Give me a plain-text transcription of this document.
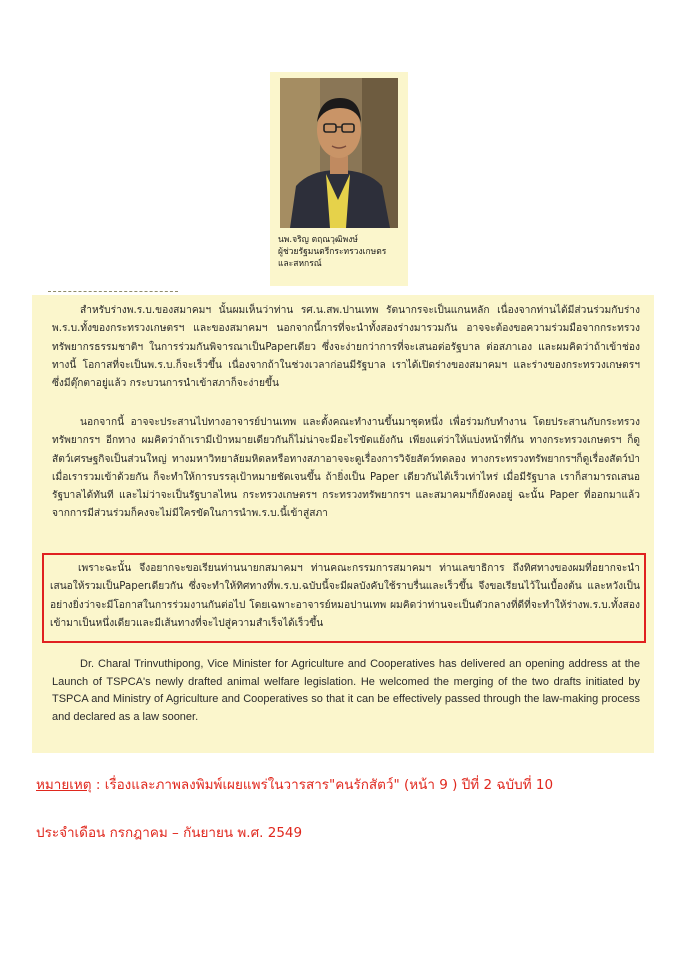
นพ.จริญ ตฤณวุฒิพงษ์
ผู้ช่วยรัฐมนตรีกระทรวงเกษตร
และสหกรณ์
สำหรับร่างพ.ร.บ.ของสมาคมฯ นั้นผมเห็นว่าท่าน รศ.น.สพ.ปานเทพ รัตนากรจะเป็นแกนหลัก เนื่องจากท่านได้มีส่วนร่วมกับร่าง พ.ร.บ.ทั้งของกระทรวงเกษตรฯ และของสมาคมฯ นอกจากนี้การที่จะนำทั้งสองร่างมารวมกัน อาจจะต้องขอความร่วมมือจากกระทรวงทรัพยากรธรรมชาติฯ ในการร่วมกันพิจารณาเป็นPaperเดียว ซึ่งจะง่ายกว่าการที่จะเสนอต่อรัฐบาล ต่อสภาเอง และผมคิดว่าถ้าเข้าช่องทางนี้ โอกาสที่จะเป็นพ.ร.บ.ก็จะเร็วขึ้น เนื่องจากถ้าในช่วงเวลาก่อนมีรัฐบาล เราได้เปิดร่างของสมาคมฯ และร่างของกระทรวงเกษตรฯ ซึ่งมีตุ๊กตาอยู่แล้ว กระบวนการนำเข้าสภาก็จะง่ายขึ้น
นอกจากนี้ อาจจะประสานไปทางอาจารย์ปานเทพ และตั้งคณะทำงานขึ้นมาชุดหนึ่ง เพื่อร่วมกับทำงาน โดยประสานกับกระทรวงทรัพยากรฯ อีกทาง ผมคิดว่าถ้าเรามีเป้าหมายเดียวกันก็ไม่น่าจะมีอะไรขัดแย้งกัน เพียงแต่ว่าให้แบ่งหน้าที่กัน ทางกระทรวงเกษตรฯ ก็ดูสัตว์เศรษฐกิจเป็นส่วนใหญ่ ทางมหาวิทยาลัยมหิดลหรือทางสภาอาจจะดูเรื่องการวิจัยสัตว์ทดลอง ทางกระทรวงทรัพยากรฯก็ดูเรื่องสัตว์ป่า เมื่อเรารวมเข้าด้วยกัน ก็จะทำให้การบรรลุเป้าหมายชัดเจนขึ้น ถ้ายิ่งเป็น Paper เดียวกันได้เร็วเท่าไหร่ เมื่อมีรัฐบาล เราก็สามารถเสนอรัฐบาลได้ทันที และไม่ว่าจะเป็นรัฐบาลไหน กระทรวงเกษตรฯ กระทรวงทรัพยากรฯ และสมาคมฯก็ยังคงอยู่ ฉะนั้น Paper ที่ออกมาแล้วจากการมีส่วนร่วมก็คงจะไม่มีใครขัดในการนำพ.ร.บ.นี้เข้าสู่สภา
เพราะฉะนั้น จึงอยากจะขอเรียนท่านนายกสมาคมฯ ท่านคณะกรรมการสมาคมฯ ท่านเลขาธิการ ถึงทิศทางของผมที่อยากจะนำเสนอให้รวมเป็นPaperเดียวกัน ซึ่งจะทำให้ทิศทางที่พ.ร.บ.ฉบับนี้จะมีผลบังคับใช้ราบรื่นและเร็วขึ้น จึงขอเรียนไว้ในเบื้องต้น และหวังเป็นอย่างยิ่งว่าจะมีโอกาสในการร่วมงานกันต่อไป โดยเฉพาะอาจารย์หมอปานเทพ ผมคิดว่าท่านจะเป็นตัวกลางที่ดีที่จะทำให้ร่างพ.ร.บ.ทั้งสองเข้ามาเป็นหนึ่งเดียวและมีเส้นทางที่จะไปสู่ความสำเร็จได้เร็วขึ้น
Dr. Charal Trinvuthipong, Vice Minister for Agriculture and Cooperatives has delivered an opening address at the Launch of TSPCA's newly drafted animal welfare legislation. He welcomed the merging of the two drafts initiated by TSPCA and Ministry of Agriculture and Cooperatives so that it can be effectively passed through the law-making process and declared as a law sooner.
หมายเหตุ : เรื่องและภาพลงพิมพ์เผยแพร่ในวารสาร"คนรักสัตว์" (หน้า 9 ) ปีที่ 2 ฉบับที่ 10
ประจำเดือน กรกฎาคม – กันยายน พ.ศ. 2549
